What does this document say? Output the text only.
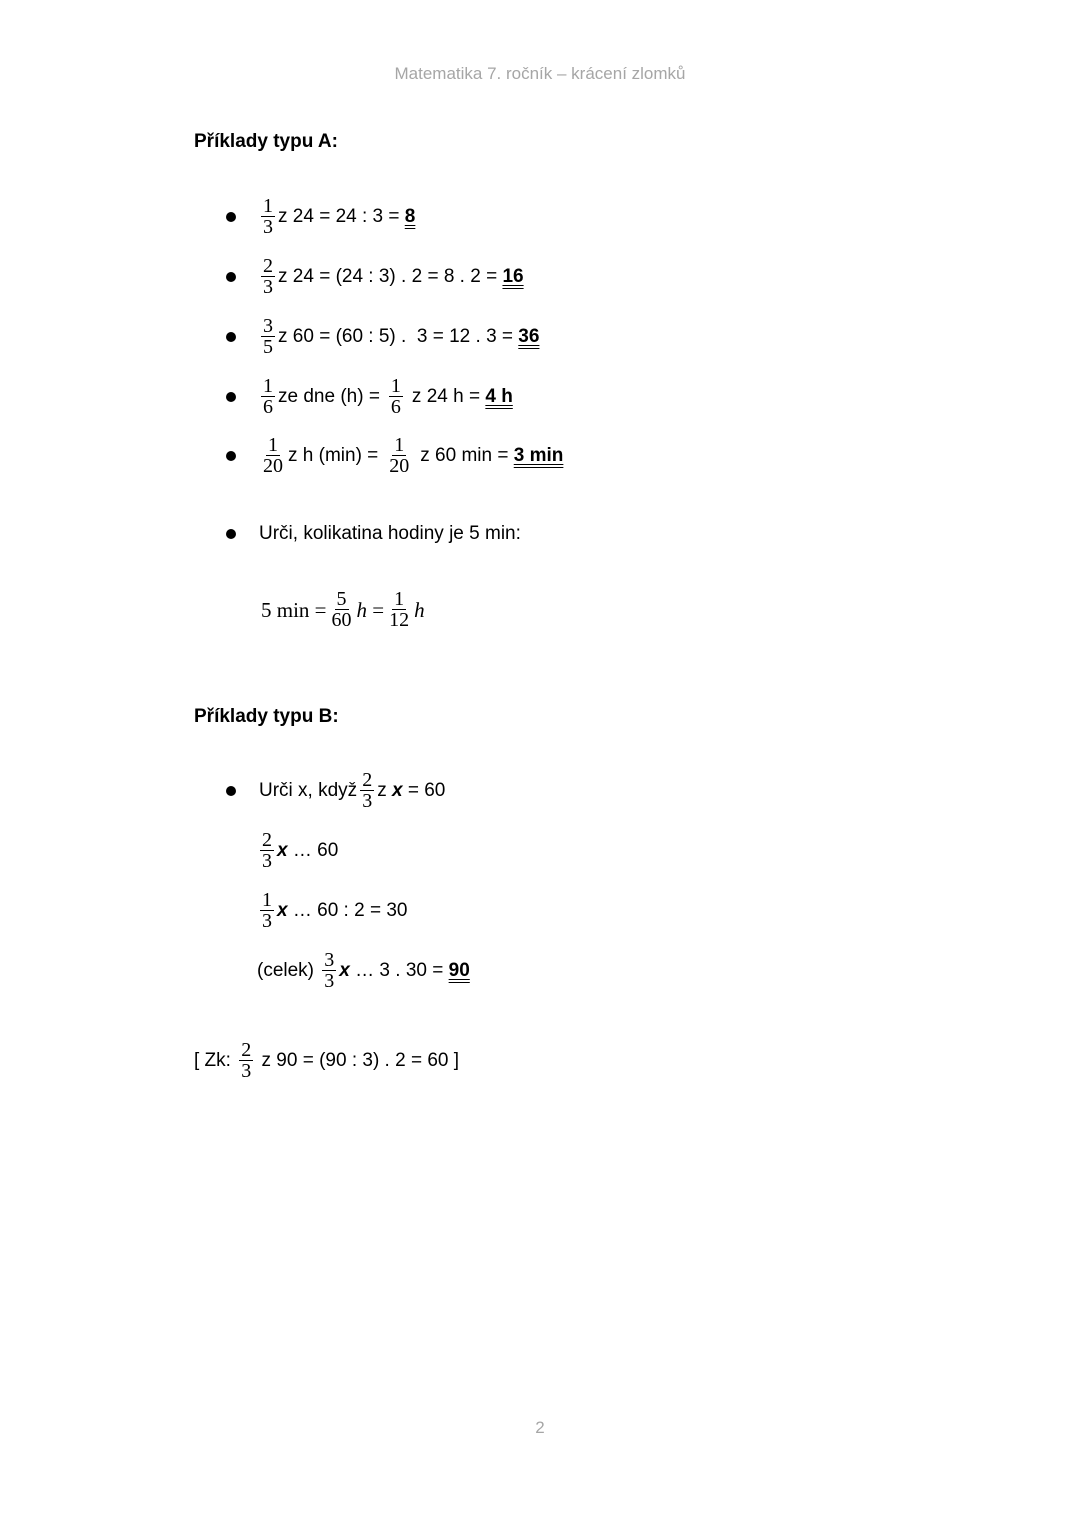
Matematika 7. ročník – krácení zlomků
Příklady typu A:
$\frac{1}{3}$ z 24 = 24 : 3 =
8
$\frac{2}{3}$ z 24 = (24 : 3) . 2 = 8 . 2 =
16
$\frac{3}{5}$ z 60 = (60 : 5) .  3 = 12 . 3 =
36
$\frac{1}{6}$ ze dne $(h) = \frac{1}{6}$ z 24 h =
4 h
$\frac{1}{20}$ z h $(\min) = \frac{1}{20}$ z 60 min =
3 min
Urči, kolikatina hodiny je 5 min:
5 $\min = \frac{5}{60}$ h
= $\frac{1}{12}$ h
Příklady typu B:
Urči x, když $\frac{2}{3}$ z
x
= 60
$\frac{2}{3}$ x
… 60
$\frac{1}{3}$ x
… 60 : 2 = 30
(celek)
$\frac{3}{3}$ x
… 3 . 30 =
90
[ Zk:
$\frac{2}{3}$
z 90 = (90 : 3) . 2 = 60 ]
2
